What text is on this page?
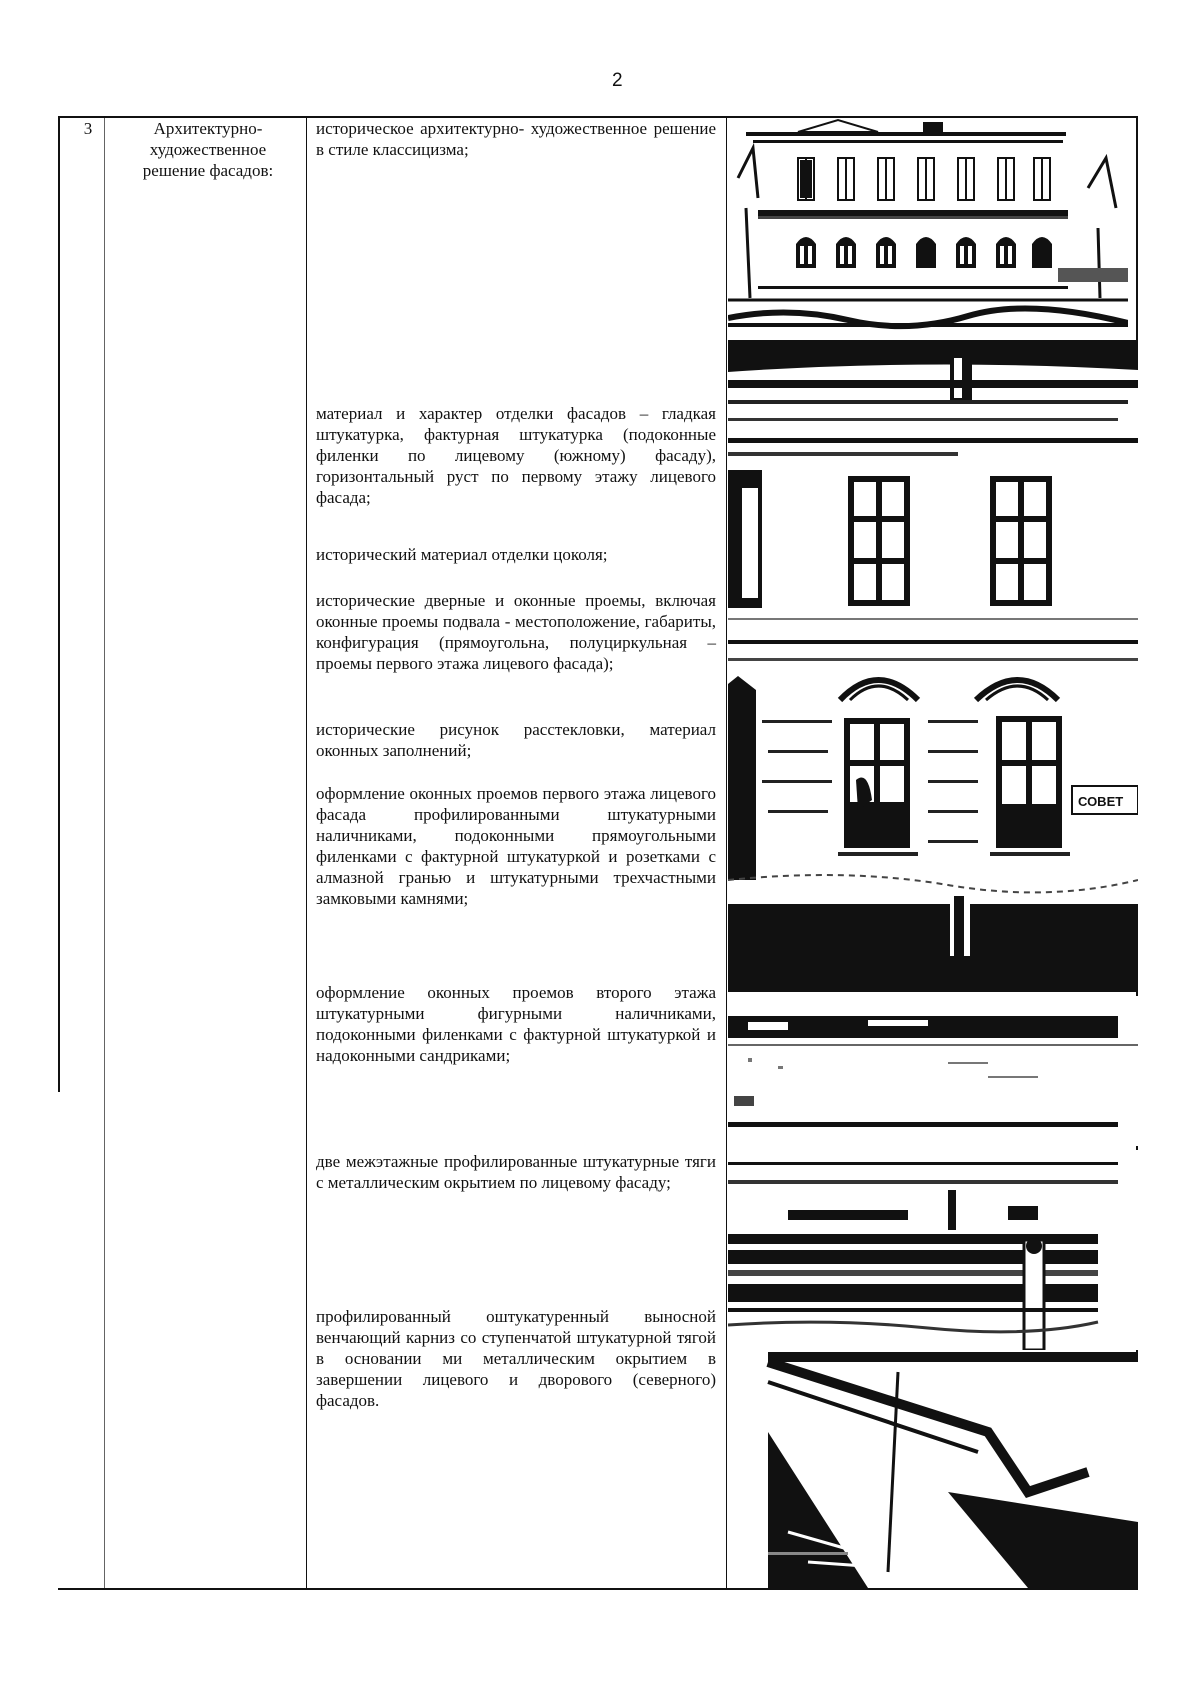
2
3	Архитектурно-художественное решение фасадов:
историческое архитектурно- художественное решение в стиле классицизма;
материал и характер отделки фасадов – гладкая штукатурка, фактурная штукатурка (подоконные филенки по лицевому (южному) фасаду), горизонтальный руст по первому этажу лицевого фасада;
исторический материал отделки цоколя;
исторические дверные и оконные проемы, включая оконные проемы подвала - местоположение, габариты, конфигурация (прямоугольна, полуциркульная – проемы первого этажа лицевого фасада);
исторические рисунок расстекловки, материал оконных заполнений;
оформление оконных проемов первого этажа лицевого фасада профилированными штукатурными наличниками, подоконными прямоугольными филенками с фактурной штукатуркой и розетками с алмазной гранью и штукатурными трехчастными замковыми камнями;
оформление оконных проемов второго этажа штукатурными фигурными наличниками, подоконными филенками с фактурной штукатуркой и надоконными сандриками;
две межэтажные профилированные штукатурные тяги с металлическим окрытием по лицевому фасаду;
профилированный оштукатуренный выносной венчающий карниз со ступенчатой штукатурной тягой в основании ми металлическим окрытием в завершении лицевого и дворового (северного) фасадов.
СОВЕТ
